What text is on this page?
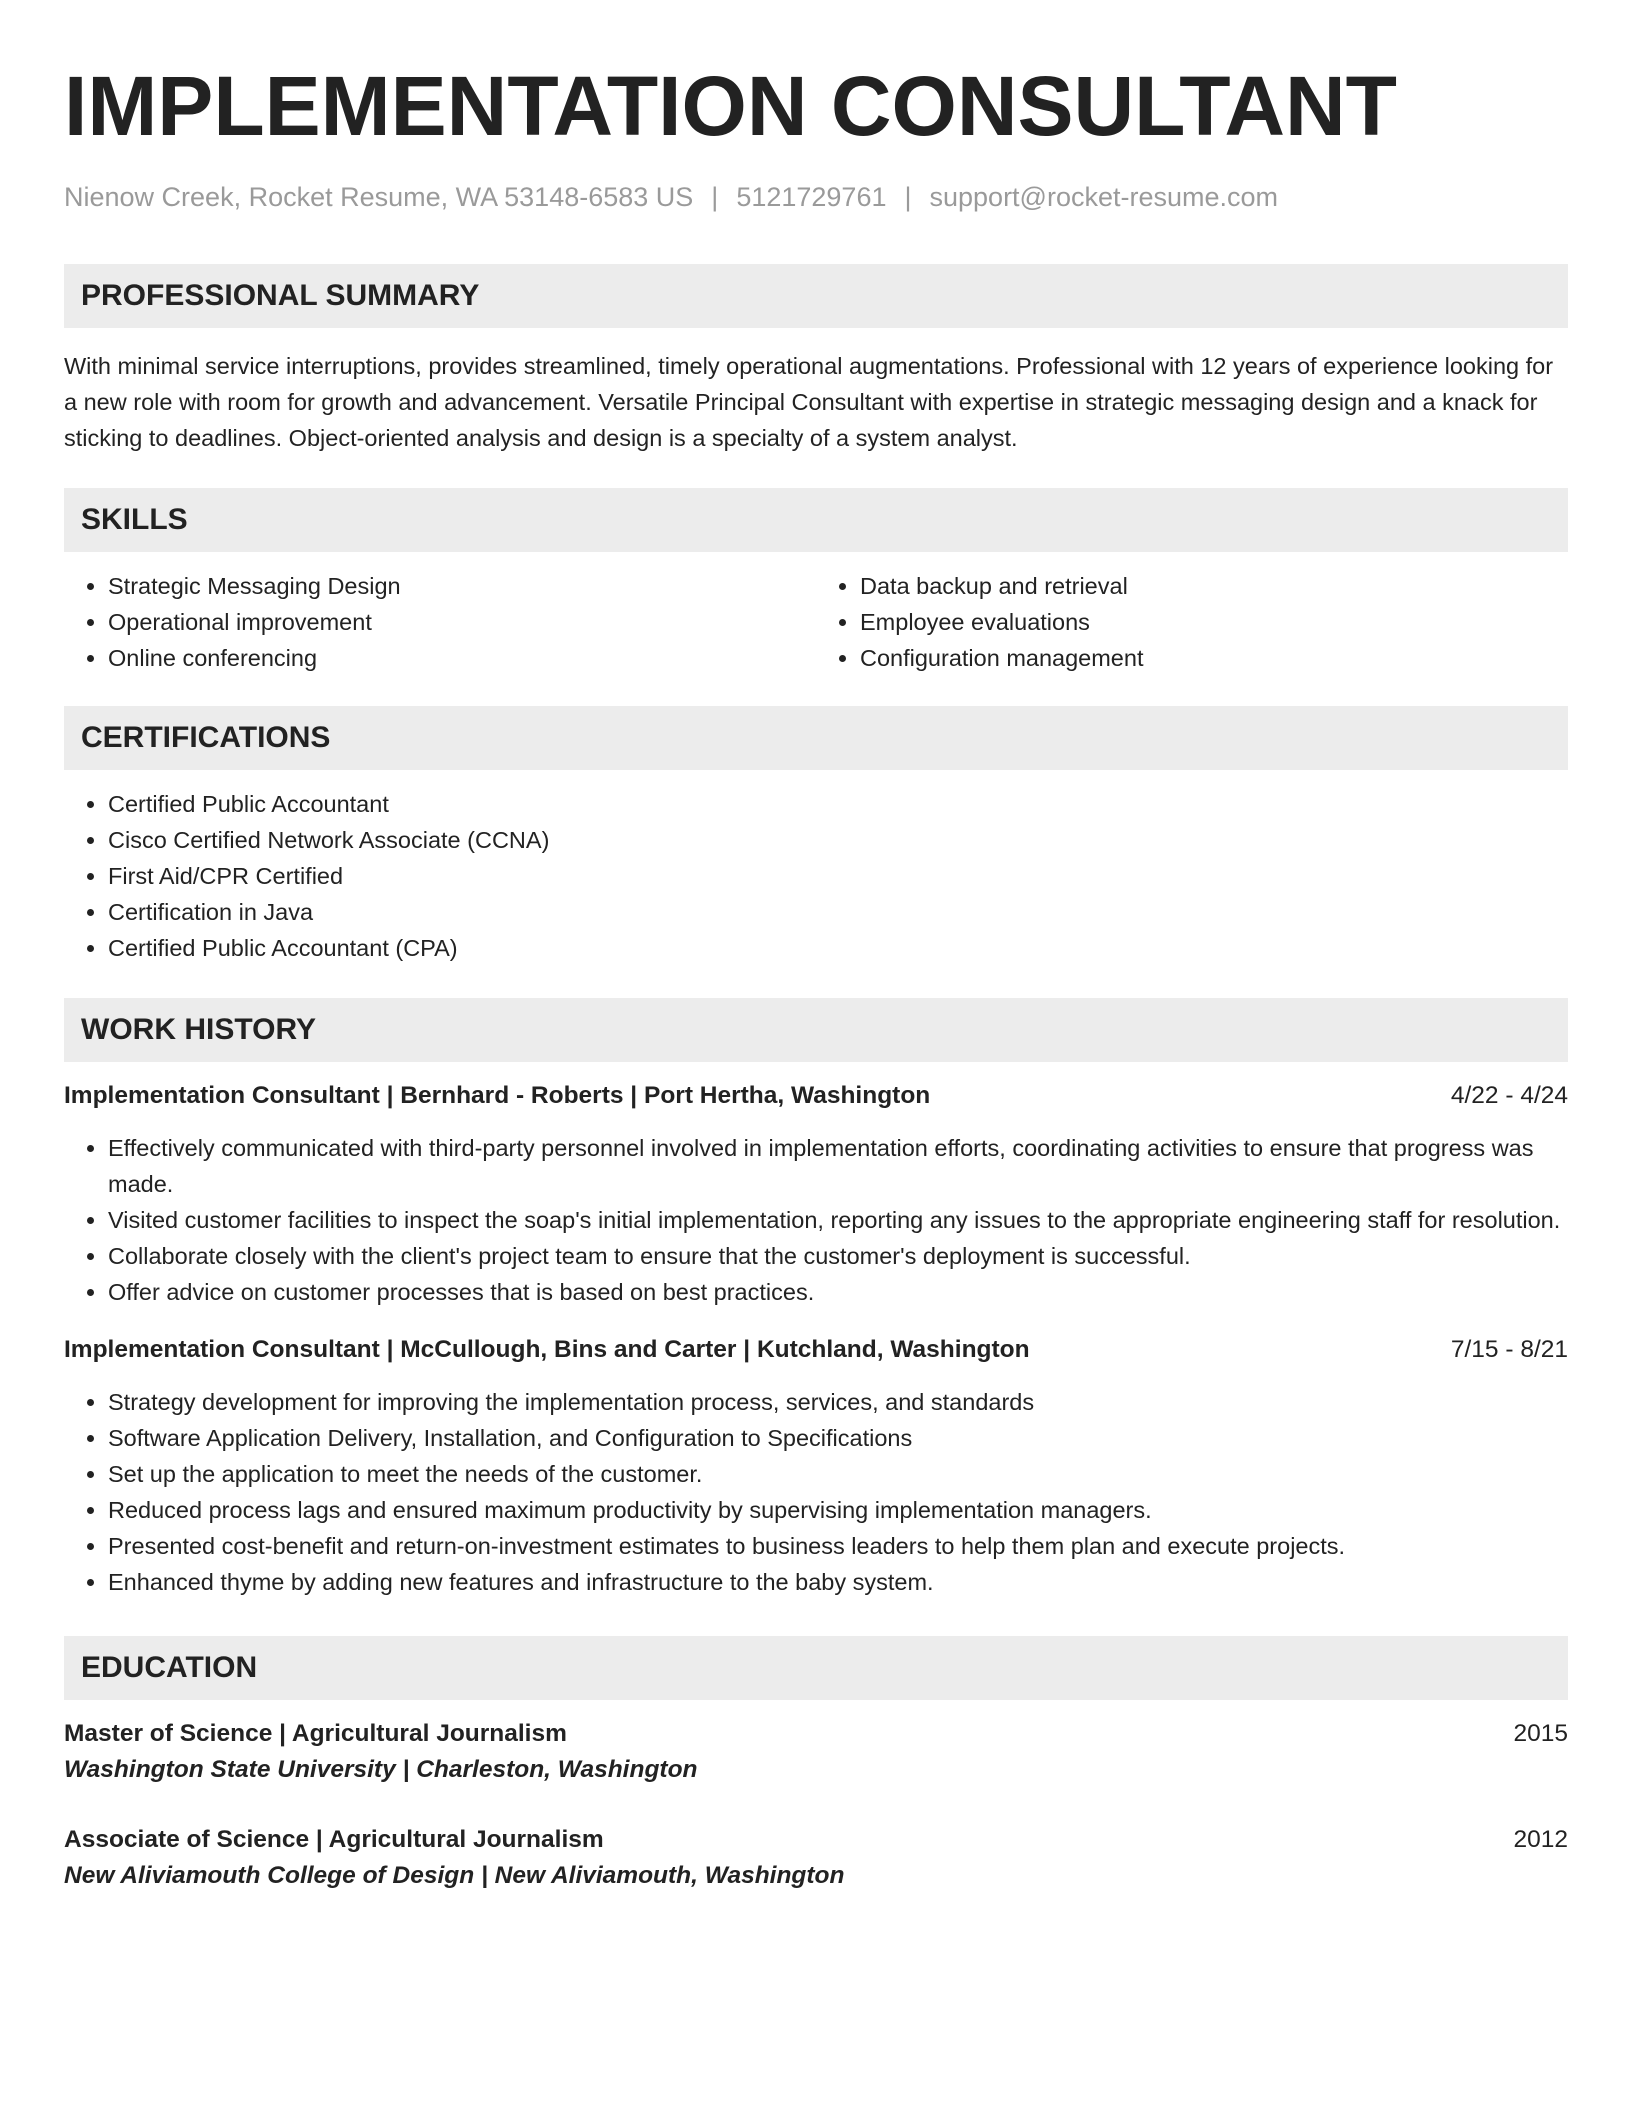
IMPLEMENTATION CONSULTANT
Nienow Creek, Rocket Resume, WA 53148-6583 US | 5121729761 | support@rocket-resume.com
PROFESSIONAL SUMMARY

With minimal service interruptions, provides streamlined, timely operational augmentations. Professional with 12 years of experience looking for a new role with room for growth and advancement. Versatile Principal Consultant with expertise in strategic messaging design and a knack for sticking to deadlines. Object-oriented analysis and design is a specialty of a system analyst.

SKILLS
• Strategic Messaging Design
• Operational improvement
• Online conferencing
• Data backup and retrieval
• Employee evaluations
• Configuration management
CERTIFICATIONS
• Certified Public Accountant
• Cisco Certified Network Associate (CCNA)
• First Aid/CPR Certified
• Certification in Java
• Certified Public Accountant (CPA)
WORK HISTORY
Implementation Consultant | Bernhard - Roberts | Port Hertha, Washington	4/22 - 4/24
• Effectively communicated with third-party personnel involved in implementation efforts, coordinating activities to ensure that progress was made.
• Visited customer facilities to inspect the soap's initial implementation, reporting any issues to the appropriate engineering staff for resolution.
• Collaborate closely with the client's project team to ensure that the customer's deployment is successful.
• Offer advice on customer processes that is based on best practices.
Implementation Consultant | McCullough, Bins and Carter | Kutchland, Washington	7/15 - 8/21
• Strategy development for improving the implementation process, services, and standards
• Software Application Delivery, Installation, and Configuration to Specifications
• Set up the application to meet the needs of the customer.
• Reduced process lags and ensured maximum productivity by supervising implementation managers.
• Presented cost-benefit and return-on-investment estimates to business leaders to help them plan and execute projects.
• Enhanced thyme by adding new features and infrastructure to the baby system.
EDUCATION
Master of Science | Agricultural Journalism	2015
Washington State University | Charleston, Washington
Associate of Science | Agricultural Journalism	2012
New Aliviamouth College of Design | New Aliviamouth, Washington
